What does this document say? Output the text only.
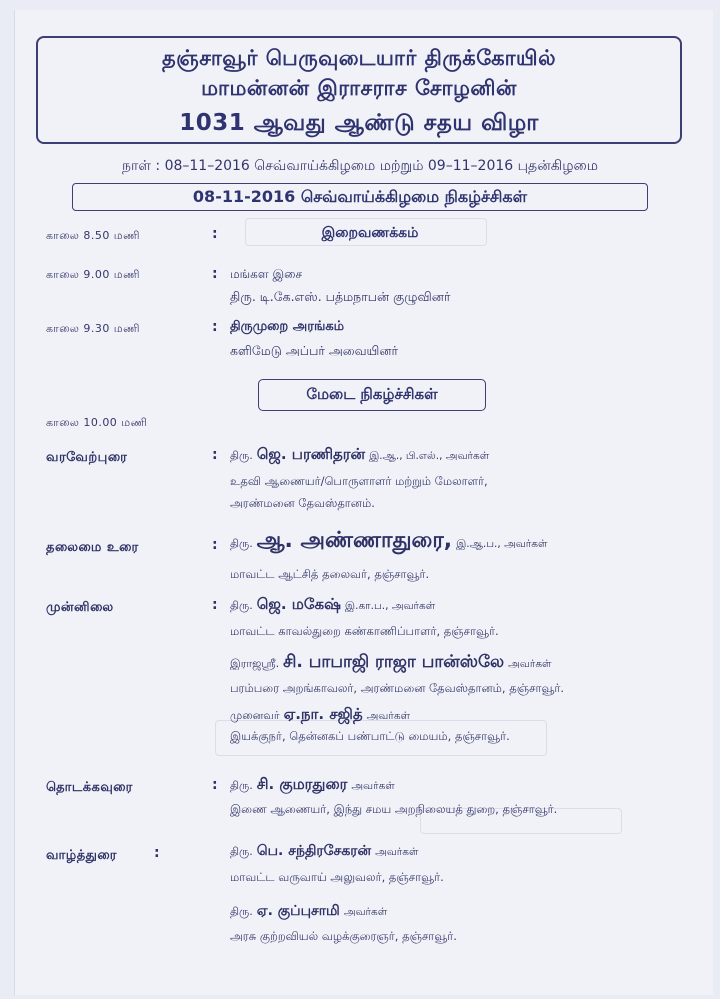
தஞ்சாவூர் பெருவுடையார் திருக்கோயில்
மாமன்னன் இராசராச சோழனின்
1031 ஆவது ஆண்டு சதய விழா
நாள் : 08–11–2016 செவ்வாய்க்கிழமை மற்றும் 09–11–2016 புதன்கிழமை
08-11-2016 செவ்வாய்க்கிழமை நிகழ்ச்சிகள்
காலை 8.50 மணி	:	இறைவணக்கம்
காலை 9.00 மணி	: மங்கள இசை
திரு. டி.கே.எஸ். பத்மநாபன் குழுவினர்
காலை 9.30 மணி	: திருமுறை அரங்கம்
களிமேடு அப்பர் அவையினர்
மேடை நிகழ்ச்சிகள்
காலை 10.00 மணி
வரவேற்புரை	: திரு. ஜெ. பரணிதரன் இ.ஆ., பி.எல்., அவர்கள்
உதவி ஆணையர்/பொருளாளர் மற்றும் மேலாளர்,
அரண்மனை தேவஸ்தானம்.
தலைமை உரை	: திரு. ஆ. அண்ணாதுரை, இ.ஆ.ப., அவர்கள்
மாவட்ட ஆட்சித் தலைவர், தஞ்சாவூர்.
முன்னிலை	: திரு. ஜெ. மகேஷ் இ.கா.ப., அவர்கள்
மாவட்ட காவல்துறை கண்காணிப்பாளர், தஞ்சாவூர்.
இராஜஸ்ரீ. சி. பாபாஜி ராஜா பான்ஸ்லே அவர்கள்
பரம்பரை அறங்காவலர், அரண்மனை தேவஸ்தானம், தஞ்சாவூர்.
முனைவர் ஏ.நா. சஜித் அவர்கள்
இயக்குநர், தென்னகப் பண்பாட்டு மையம், தஞ்சாவூர்.
தொடக்கவுரை	: திரு. சி. குமரதுரை அவர்கள்
இணை ஆணையர், இந்து சமய அறநிலையத் துறை, தஞ்சாவூர்.
வாழ்த்துரை	:	திரு. பெ. சந்திரசேகரன் அவர்கள்
மாவட்ட வருவாய் அலுவலர், தஞ்சாவூர்.
திரு. ஏ. குப்புசாமி அவர்கள்
அரசு குற்றவியல் வழக்குரைஞர், தஞ்சாவூர்.
